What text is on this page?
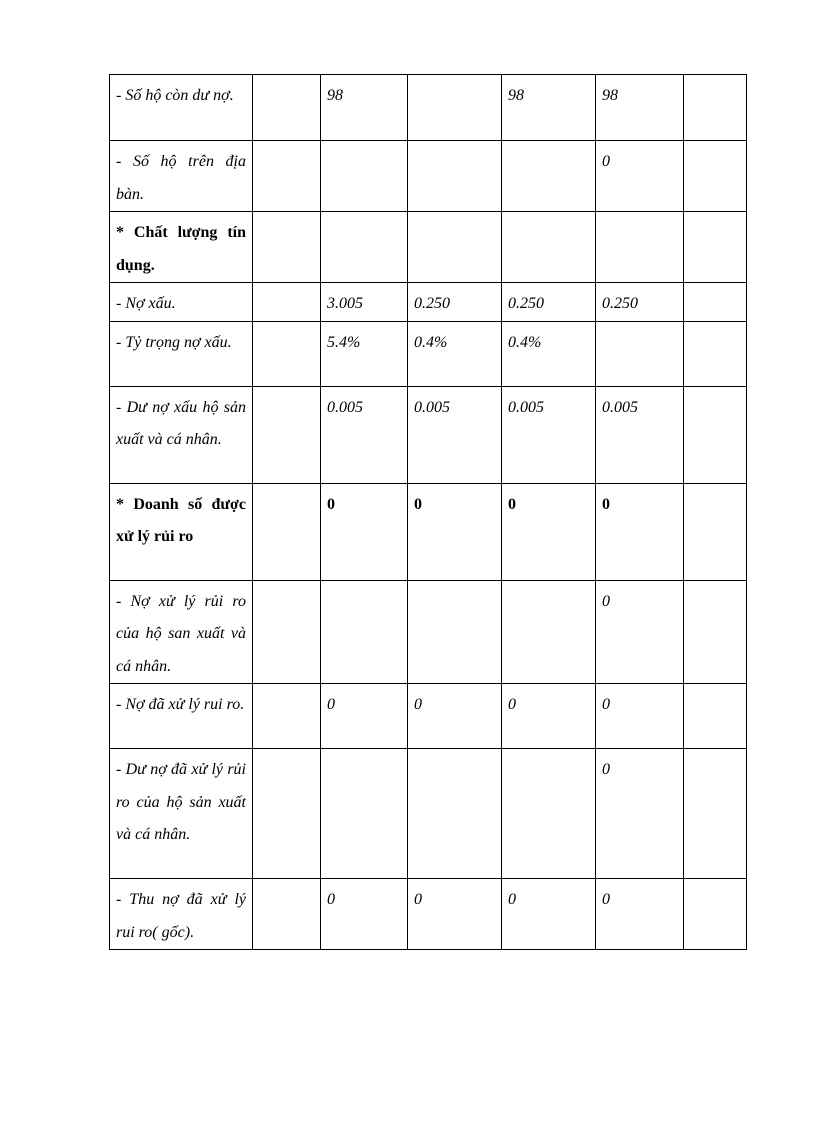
- Số hộ còn dư nợ.		98		98	98	
- Số hộ trên địa bàn.					0	
* Chất lượng tín dụng.						
- Nợ xấu.		3.005	0.250	0.250	0.250	
- Tỷ trọng nợ xấu.		5.4%	0.4%	0.4%		
- Dư nợ xấu hộ sản xuất và cá nhân.		0.005	0.005	0.005	0.005	
* Doanh số được xử lý rủi ro		0	0	0	0	
- Nợ xử lý rủi ro của hộ san xuất và cá nhân.					0	
- Nợ đã xử lý rui ro.		0	0	0	0	
- Dư nợ đã xử lý rủi ro của hộ sản xuất và cá nhân.					0	
- Thu nợ đã xử lý rui ro( gốc).		0	0	0	0	
